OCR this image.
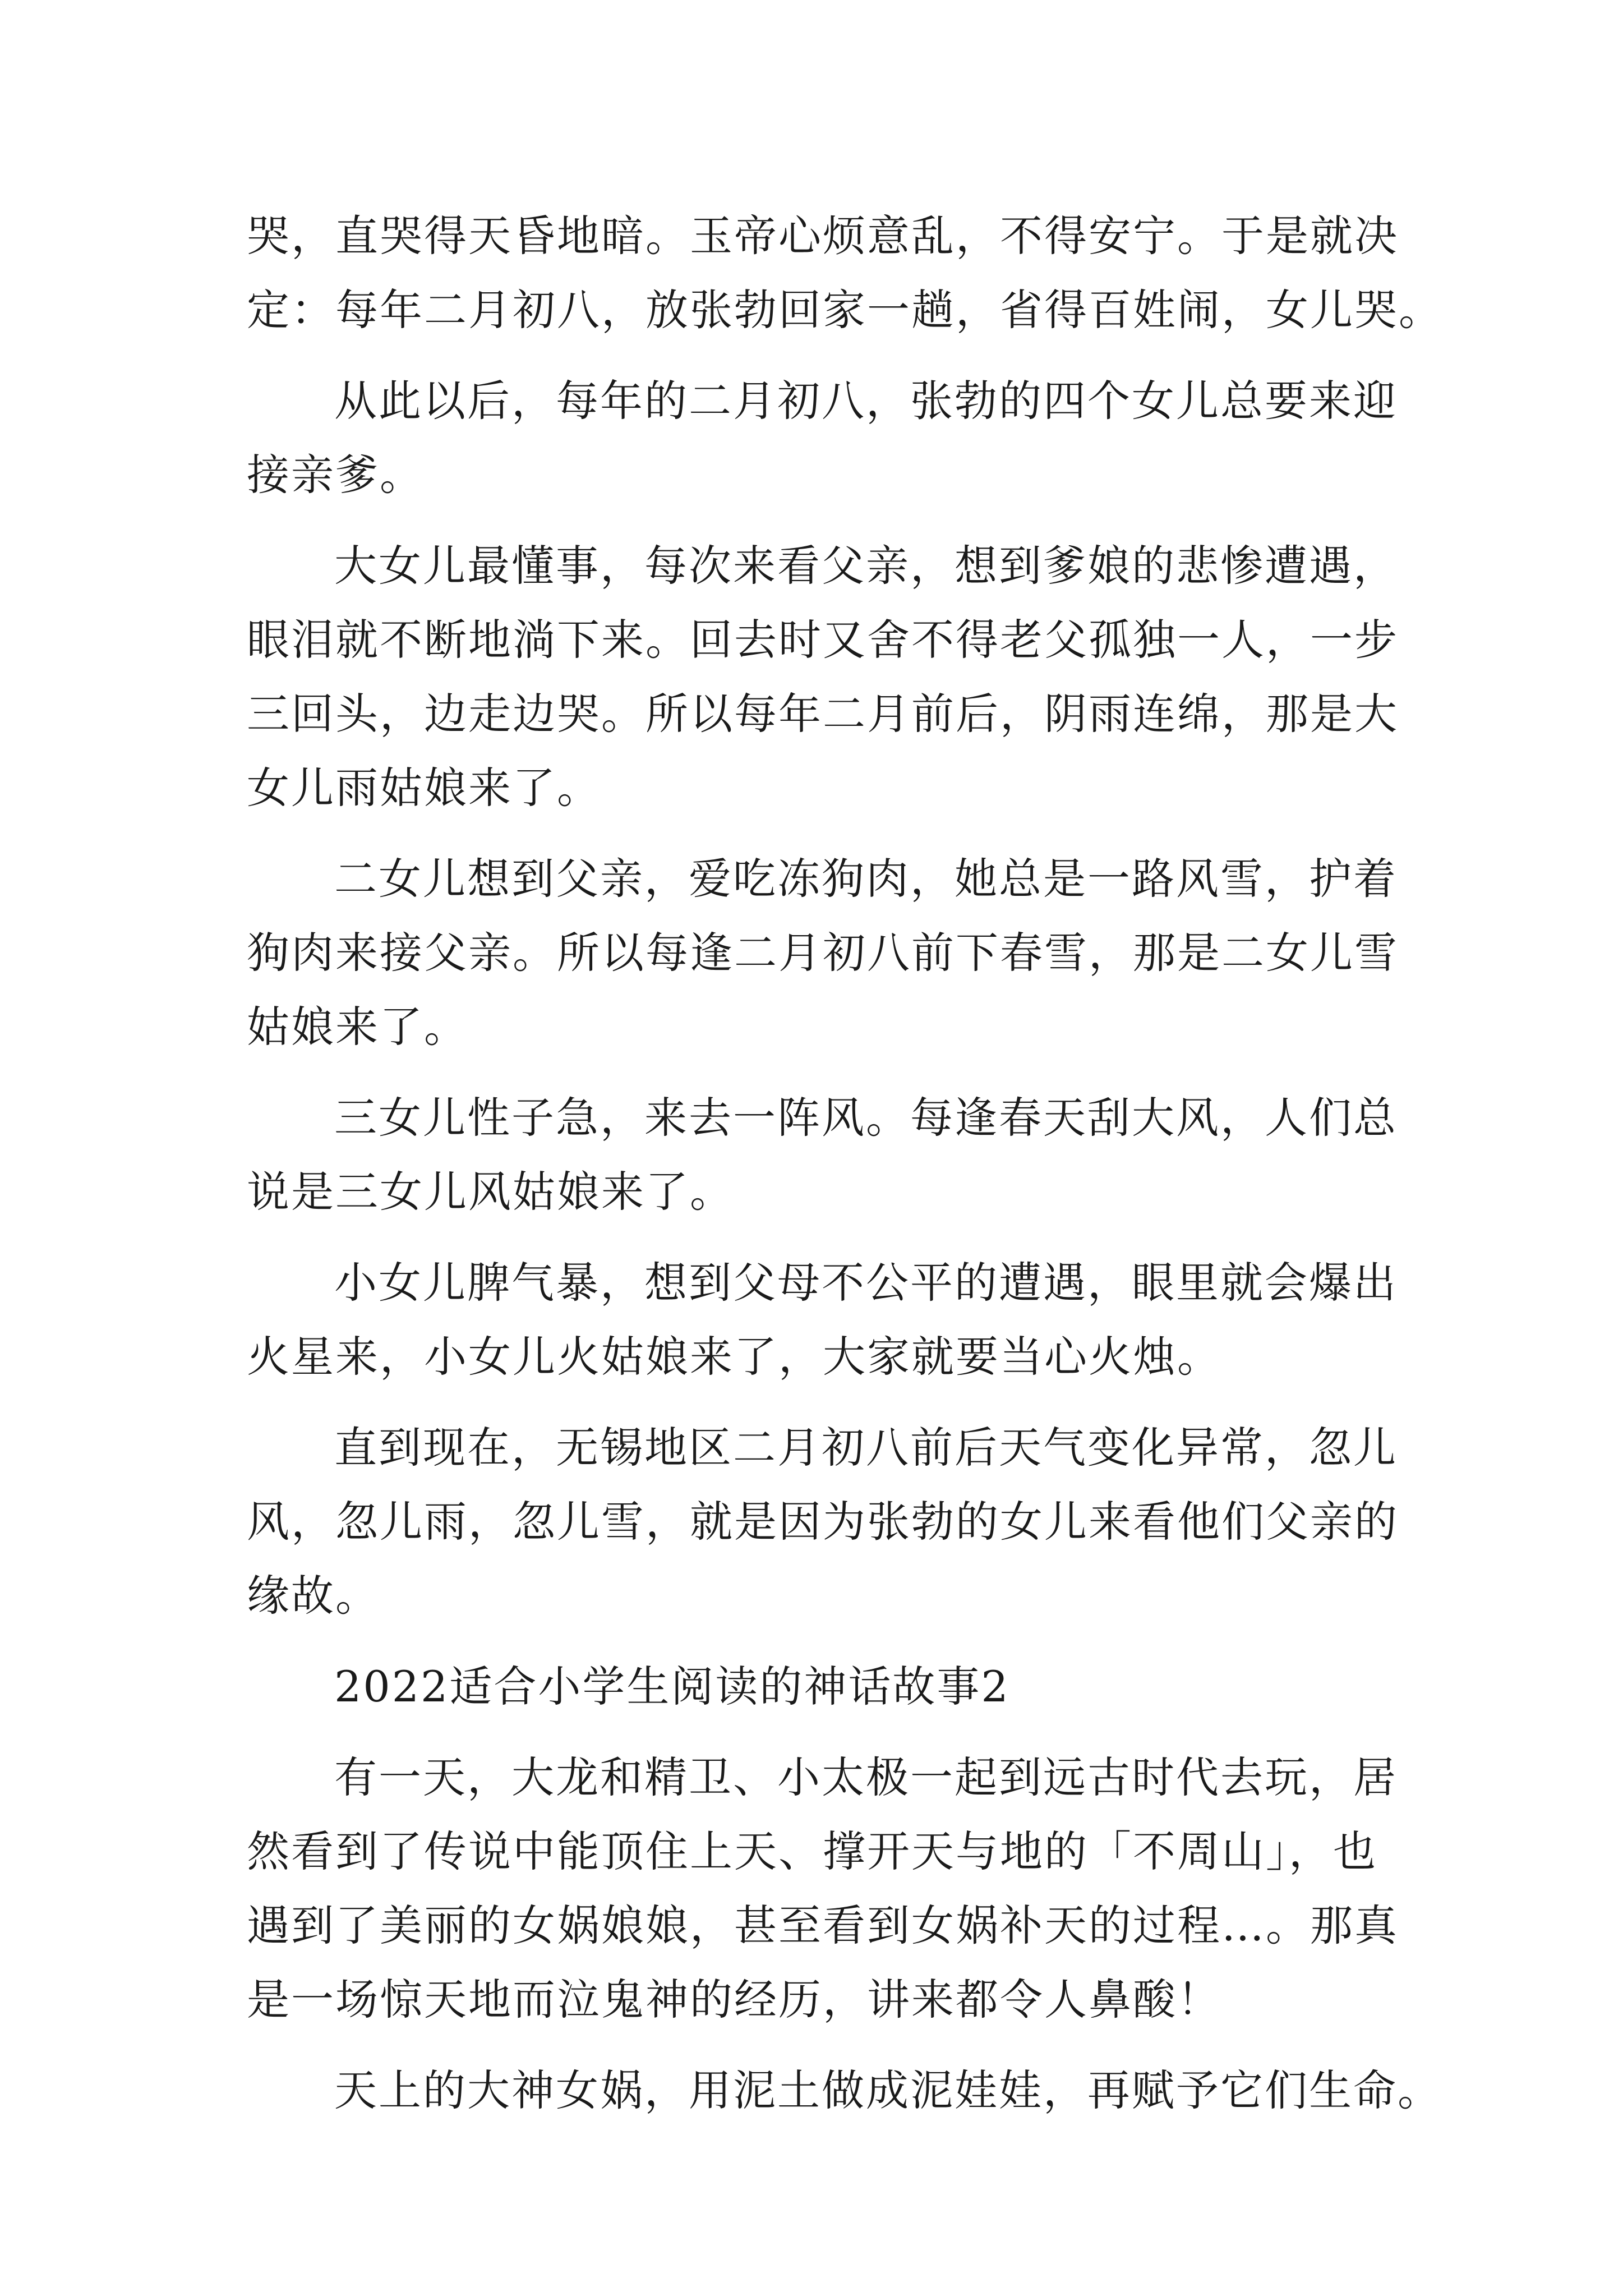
哭，直哭得天昏地暗。玉帝心烦意乱，不得安宁。于是就决
定：每年二月初八，放张勃回家一趟，省得百姓闹，女儿哭。
从此以后，每年的二月初八，张勃的四个女儿总要来迎
接亲爹。
大女儿最懂事，每次来看父亲，想到爹娘的悲惨遭遇，
眼泪就不断地淌下来。回去时又舍不得老父孤独一人，一步
三回头，边走边哭。所以每年二月前后，阴雨连绵，那是大
女儿雨姑娘来了。
二女儿想到父亲，爱吃冻狗肉，她总是一路风雪，护着
狗肉来接父亲。所以每逢二月初八前下春雪，那是二女儿雪
姑娘来了。
三女儿性子急，来去一阵风。每逢春天刮大风，人们总
说是三女儿风姑娘来了。
小女儿脾气暴，想到父母不公平的遭遇，眼里就会爆出
火星来，小女儿火姑娘来了，大家就要当心火烛。
直到现在，无锡地区二月初八前后天气变化异常，忽儿
风，忽儿雨，忽儿雪，就是因为张勃的女儿来看他们父亲的
缘故。
2022适合小学生阅读的神话故事2
有一天，大龙和精卫、小太极一起到远古时代去玩，居
然看到了传说中能顶住上天、撑开天与地的「不周山」，也
遇到了美丽的女娲娘娘，甚至看到女娲补天的过程…。那真
是一场惊天地而泣鬼神的经历，讲来都令人鼻酸！
天上的大神女娲，用泥土做成泥娃娃，再赋予它们生命。
